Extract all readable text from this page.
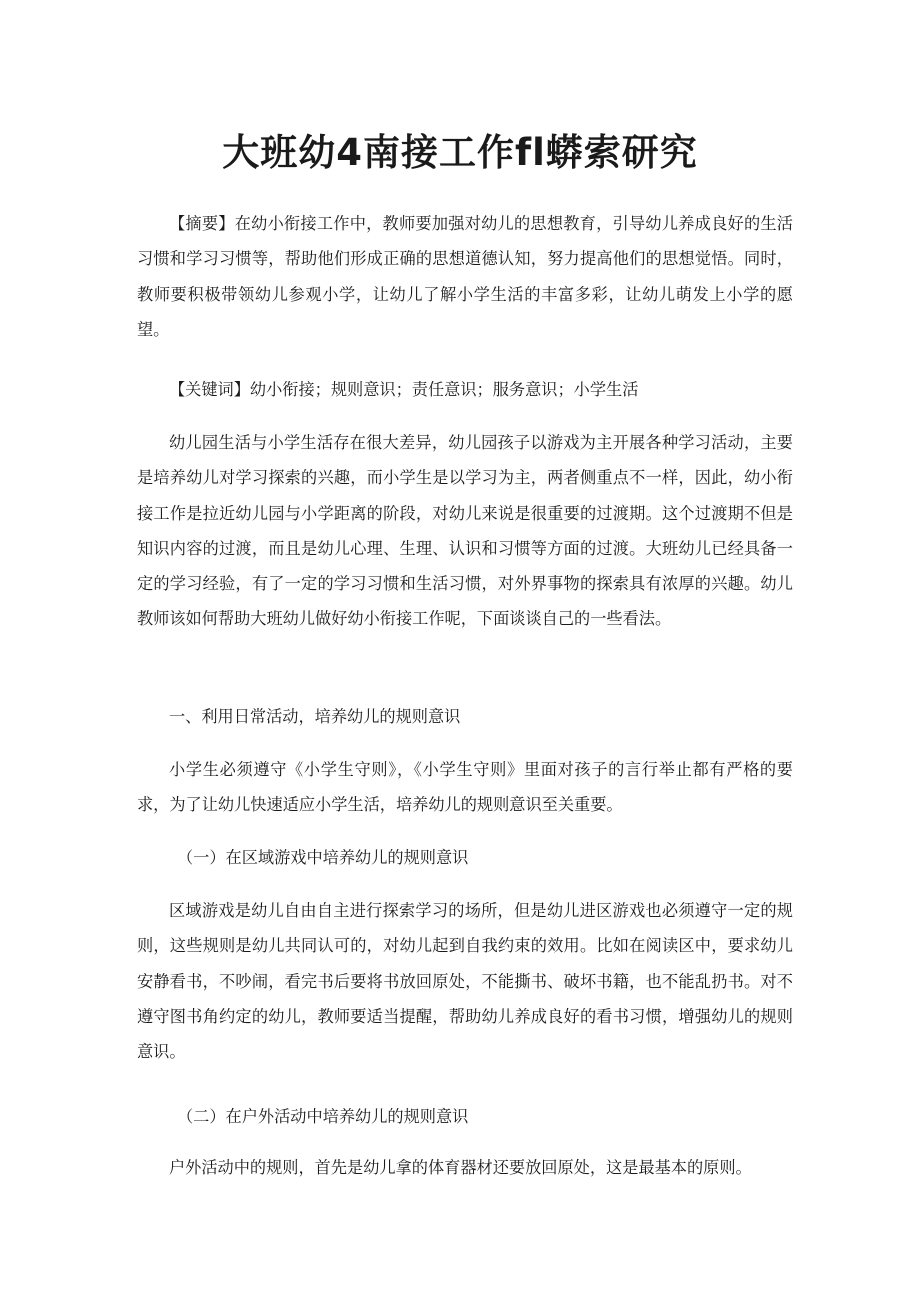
大班幼4南接工作fl蟒索研究
【摘要】在幼小衔接工作中，教师要加强对幼儿的思想教育，引导幼儿养成良好的生活习惯和学习习惯等，帮助他们形成正确的思想道德认知，努力提高他们的思想觉悟。同时，教师要积极带领幼儿参观小学，让幼儿了解小学生活的丰富多彩，让幼儿萌发上小学的愿望。
【关键词】幼小衔接；规则意识；责任意识；服务意识；小学生活
幼儿园生活与小学生活存在很大差异，幼儿园孩子以游戏为主开展各种学习活动，主要是培养幼儿对学习探索的兴趣，而小学生是以学习为主，两者侧重点不一样，因此，幼小衔接工作是拉近幼儿园与小学距离的阶段，对幼儿来说是很重要的过渡期。这个过渡期不但是知识内容的过渡，而且是幼儿心理、生理、认识和习惯等方面的过渡。大班幼儿已经具备一定的学习经验，有了一定的学习习惯和生活习惯，对外界事物的探索具有浓厚的兴趣。幼儿教师该如何帮助大班幼儿做好幼小衔接工作呢，下面谈谈自己的一些看法。
一、利用日常活动，培养幼儿的规则意识
小学生必须遵守《小学生守则》，《小学生守则》里面对孩子的言行举止都有严格的要求，为了让幼儿快速适应小学生活，培养幼儿的规则意识至关重要。
（一）在区域游戏中培养幼儿的规则意识
区域游戏是幼儿自由自主进行探索学习的场所，但是幼儿进区游戏也必须遵守一定的规则，这些规则是幼儿共同认可的，对幼儿起到自我约束的效用。比如在阅读区中，要求幼儿安静看书，不吵闹，看完书后要将书放回原处，不能撕书、破坏书籍，也不能乱扔书。对不遵守图书角约定的幼儿，教师要适当提醒，帮助幼儿养成良好的看书习惯，增强幼儿的规则意识。
（二）在户外活动中培养幼儿的规则意识
户外活动中的规则，首先是幼儿拿的体育器材还要放回原处，这是最基本的原则。
